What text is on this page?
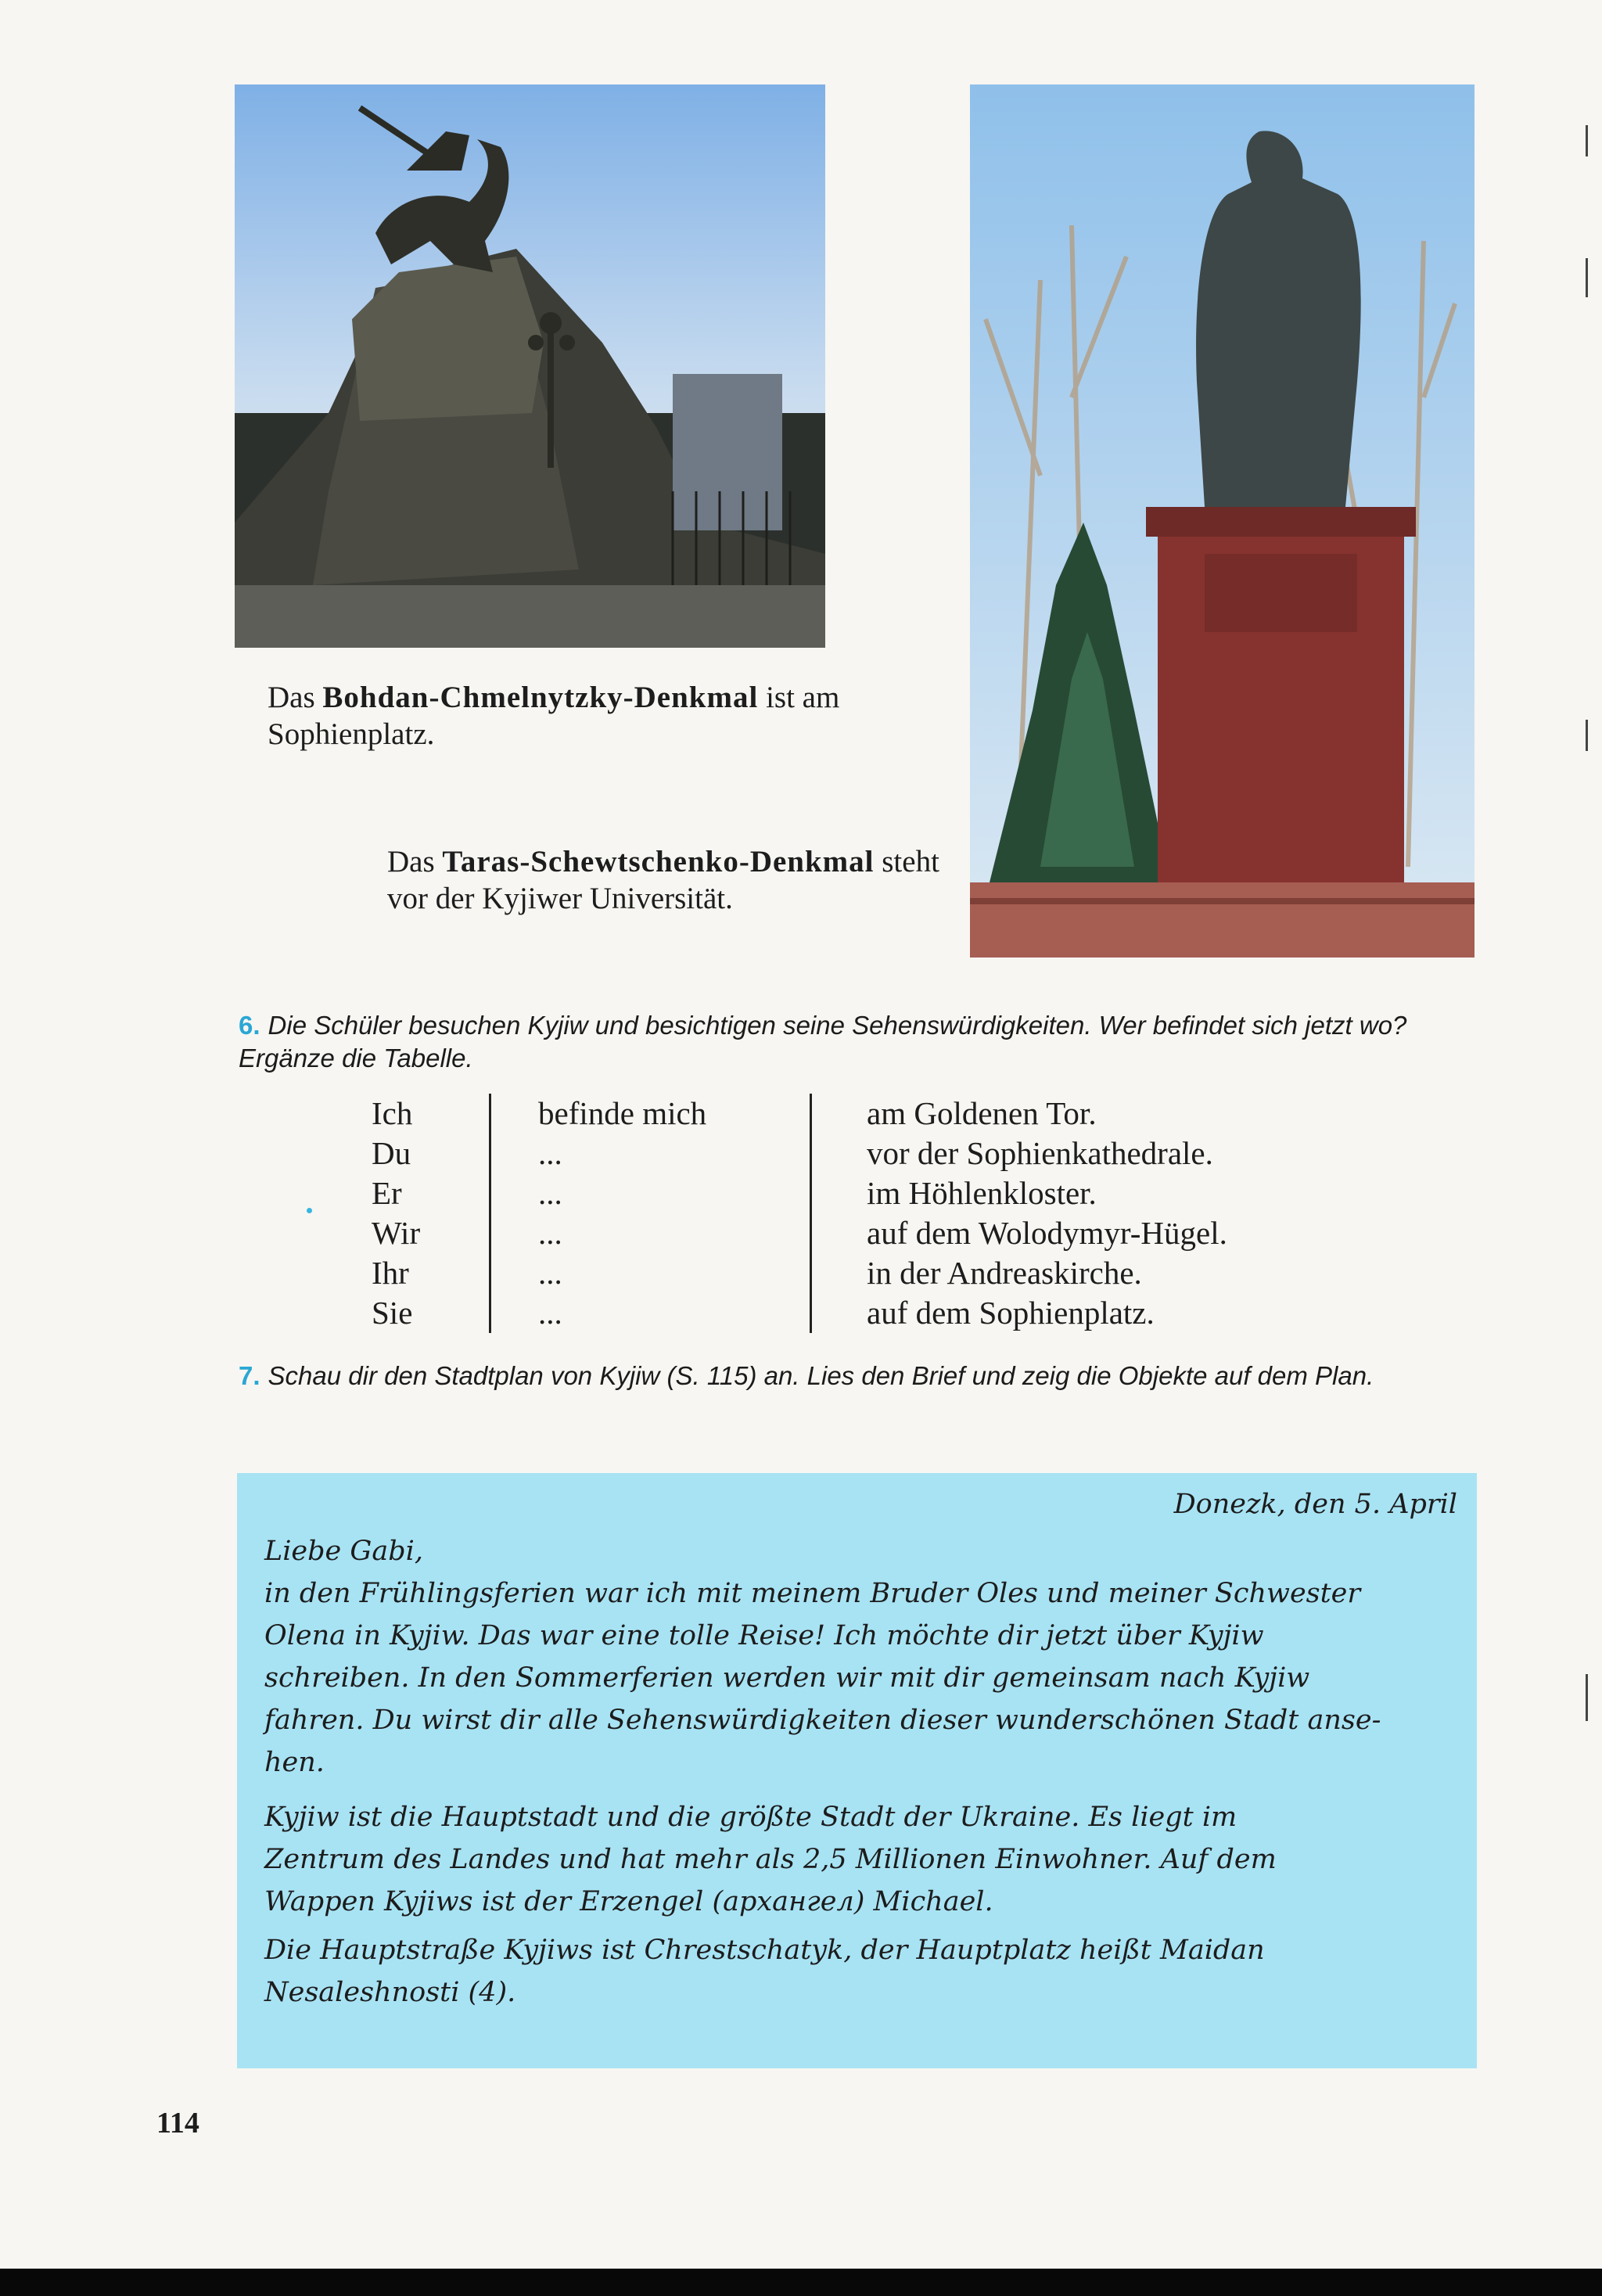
Das Bohdan-Chmelnytzky-Denkmal ist am Sophienplatz.
Das Taras-Schewtschenko-Denkmal steht vor der Kyjiwer Universität.
6. Die Schüler besuchen Kyjiw und besichtigen seine Sehenswürdigkeiten. Wer befindet sich jetzt wo? Ergänze die Tabelle.
Ich	befinde mich	am Goldenen Tor.
Du	...	vor der Sophienkathedrale.
Er	...	im Höhlenkloster.
Wir	...	auf dem Wolodymyr-Hügel.
Ihr	...	in der Andreaskirche.
Sie	...	auf dem Sophienplatz.
7. Schau dir den Stadtplan von Kyjiw (S. 115) an. Lies den Brief und zeig die Objekte auf dem Plan.
Donezk, den 5. April
Liebe Gabi,
in den Frühlingsferien war ich mit meinem Bruder Oles und meiner Schwester
Olena in Kyjiw. Das war eine tolle Reise! Ich möchte dir jetzt über Kyjiw
schreiben. In den Sommerferien werden wir mit dir gemeinsam nach Kyjiw
fahren. Du wirst dir alle Sehenswürdigkeiten dieser wunderschönen Stadt anse-
hen.
Kyjiw ist die Hauptstadt und die größte Stadt der Ukraine. Es liegt im
Zentrum des Landes und hat mehr als 2,5 Millionen Einwohner. Auf dem
Wappen Kyjiws ist der Erzengel (архангел) Michael.
Die Hauptstraße Kyjiws ist Chrestschatyk, der Hauptplatz heißt Maidan
Nesaleshnosti (4).
114
